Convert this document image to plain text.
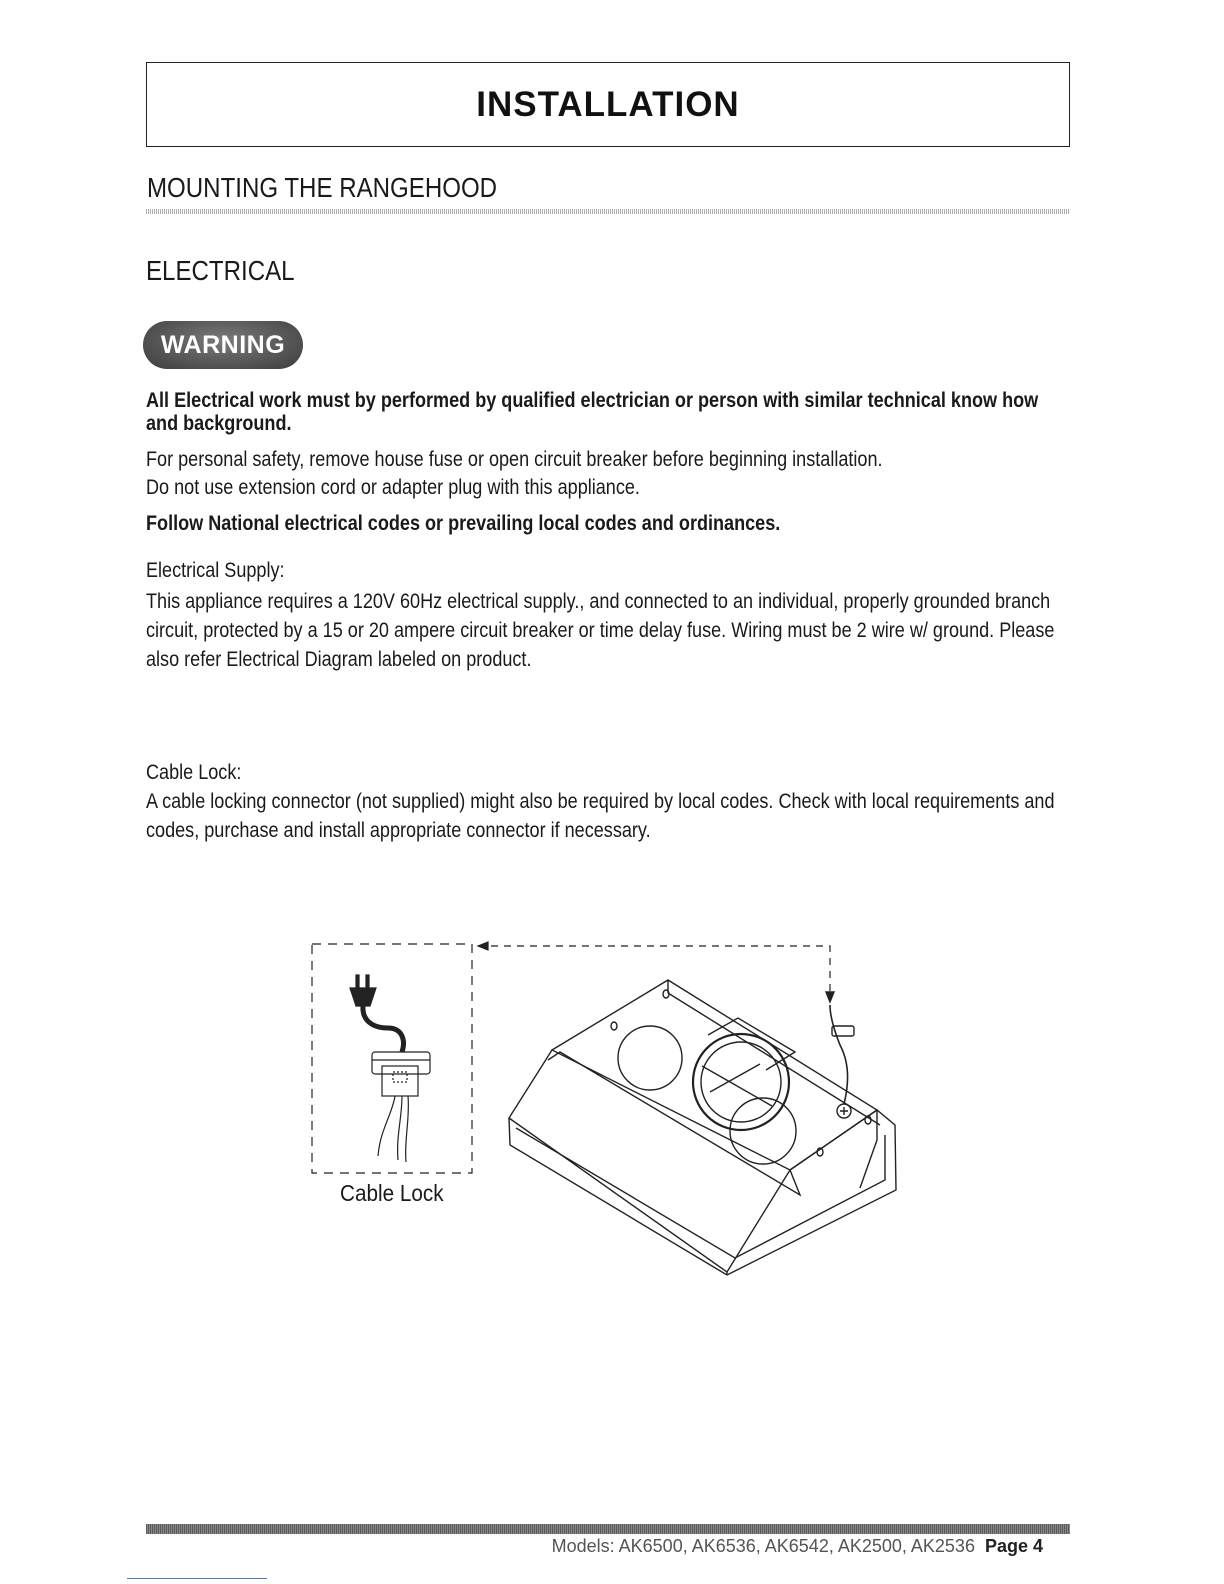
INSTALLATION
MOUNTING THE RANGEHOOD
ELECTRICAL
WARNING
All Electrical work must by performed by qualified electrician or person with similar technical know how and background.
For personal safety, remove house fuse or open circuit breaker before beginning installation.
Do not use extension cord or adapter plug with this appliance.
Follow National electrical codes or prevailing local codes and ordinances.
Electrical Supply:
This appliance requires a 120V 60Hz electrical supply., and connected to an individual, properly grounded branch circuit, protected by a 15 or 20 ampere circuit breaker or time delay fuse. Wiring must be 2 wire w/ ground. Please also refer Electrical Diagram labeled on product.
Cable Lock:
A cable locking connector (not supplied) might also be required by local codes. Check with local requirements and codes, purchase and install appropriate connector if necessary.
Cable Lock
Models: AK6500, AK6536, AK6542, AK2500, AK2536 Page 4
